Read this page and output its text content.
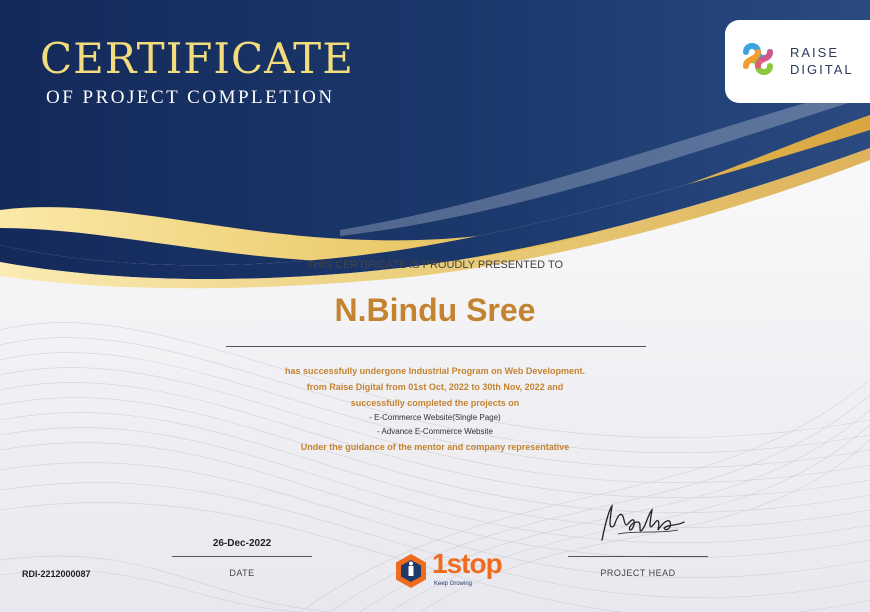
CERTIFICATE
OF PROJECT COMPLETION
RAISE
DIGITAL
THIS CERTIFICATE IS PROUDLY PRESENTED TO
N.Bindu Sree
has successfully undergone Industrial Program on Web Development.
from Raise Digital from 01st Oct, 2022 to 30th Nov, 2022 and
successfully completed the projects on
- E-Commerce Website(Single Page)
- Advance E-Commerce Website
Under the guidance of the mentor and company representative
26-Dec-2022
DATE	PROJECT HEAD
RDI-2212000087	1stop
Keep Growing
